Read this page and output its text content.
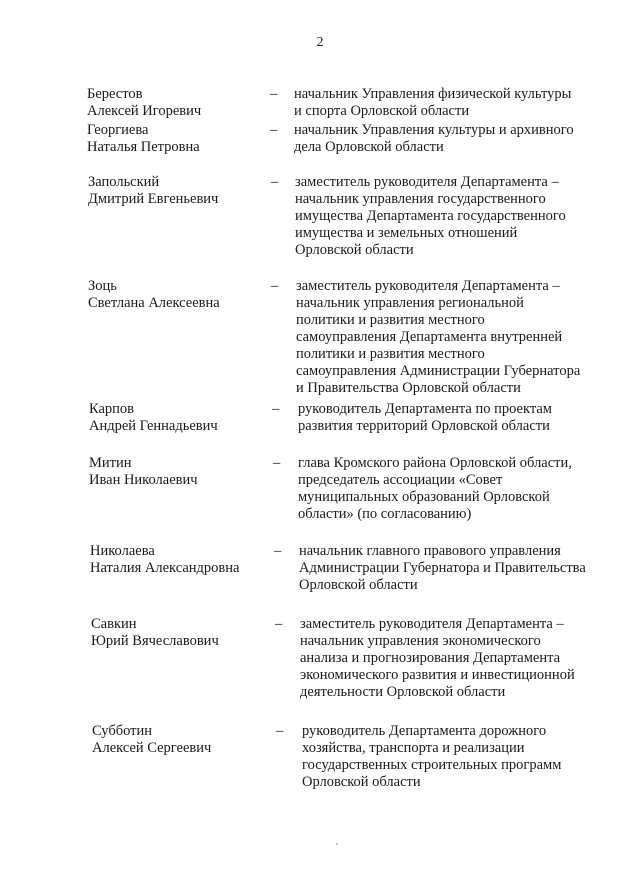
2
Берестов
Алексей Игоревич
– начальник Управления физической культуры
и спорта Орловской области
Георгиева
Наталья Петровна
– начальник Управления культуры и архивного
дела Орловской области
Запольский
Дмитрий Евгеньевич
– заместитель руководителя Департамента –
начальник управления государственного
имущества Департамента государственного
имущества и земельных отношений
Орловской области
Зоць
Светлана Алексеевна
– заместитель руководителя Департамента –
начальник управления региональной
политики и развития местного
самоуправления Департамента внутренней
политики и развития местного
самоуправления Администрации Губернатора
и Правительства Орловской области
Карпов
Андрей Геннадьевич
– руководитель Департамента по проектам
развития территорий Орловской области
Митин
Иван Николаевич
– глава Кромского района Орловской области,
председатель ассоциации «Совет
муниципальных образований Орловской
области» (по согласованию)
Николаева
Наталия Александровна
– начальник главного правового управления
Администрации Губернатора и Правительства
Орловской области
Савкин
Юрий Вячеславович
– заместитель руководителя Департамента –
начальник управления экономического
анализа и прогнозирования Департамента
экономического развития и инвестиционной
деятельности Орловской области
Субботин
Алексей Сергеевич
– руководитель Департамента дорожного
хозяйства, транспорта и реализации
государственных строительных программ
Орловской области
